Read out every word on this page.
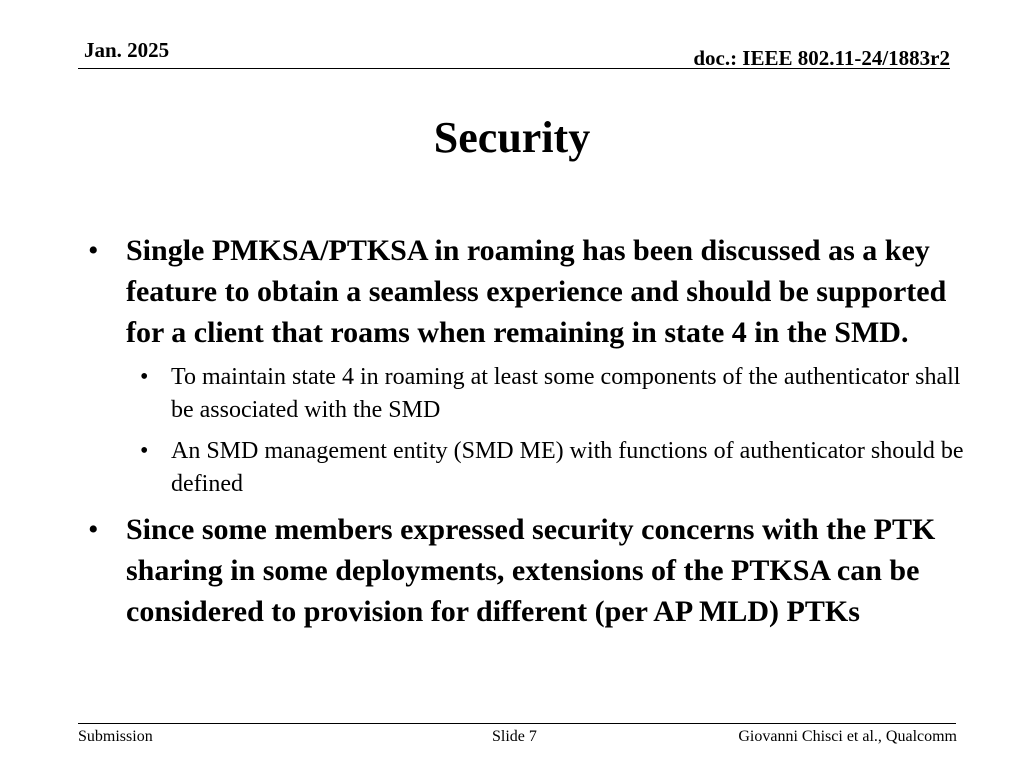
Jan. 2025	doc.: IEEE 802.11-24/1883r2
Security
• Single PMKSA/PTKSA in roaming has been discussed as a key feature to obtain a seamless experience and should be supported for a client that roams when remaining in state 4 in the SMD.
• To maintain state 4 in roaming at least some components of the authenticator shall be associated with the SMD
• An SMD management entity (SMD ME) with functions of authenticator should be defined
• Since some members expressed security concerns with the PTK sharing in some deployments, extensions of the PTKSA can be considered to provision for different (per AP MLD) PTKs
Submission	Slide 7	Giovanni Chisci et al., Qualcomm
